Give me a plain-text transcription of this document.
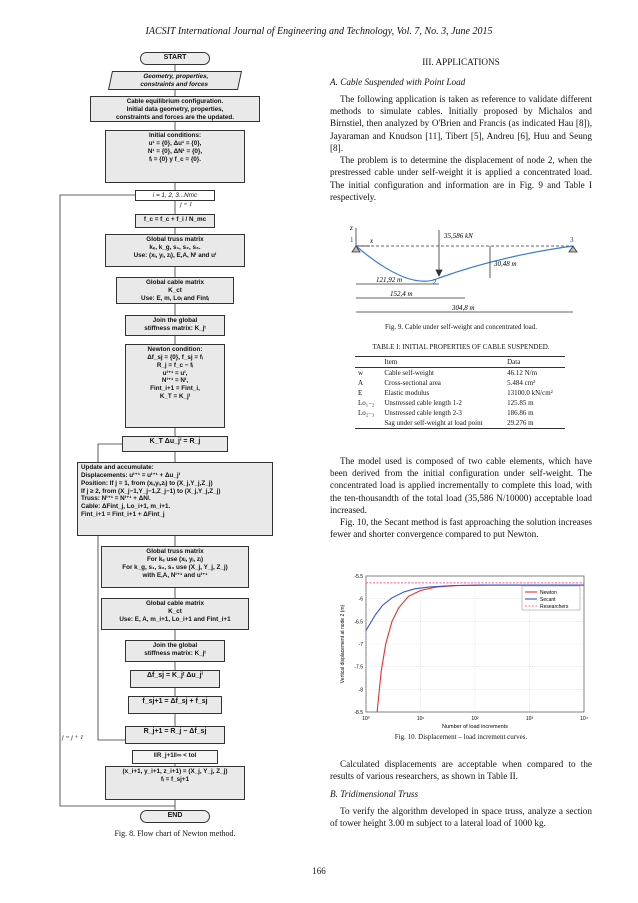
IACSIT International Journal of Engineering and Technology, Vol. 7, No. 3, June 2015
START
Geometry, properties,
constraints and forces
Cable equilibrium configuration.
Initial data geometry, properties,
constraints and forces are the updated.
Initial conditions:
u¹ = {0}, Δu¹ = {0},
N¹ = {0}, ΔN¹ = {0},
fᵢ = {0} y f_c = {0}.
i = 1, 2, 3...Nmc
j = 1
f_c = f_c + f_i / N_mc
Global truss matrix
kₑ, k_g, s₁, s₂, s₃.
Use: (xᵢ, yᵢ, zᵢ), E,A, Nⁱ and uⁱ
Global cable matrix
K_ct
Use: E, m, Loᵢ and Fintᵢ
Join the global
stiffness matrix: K_jᵗ
Newton condition:
Δf_sj = {0}, f_sj = fᵢ
R_j = f_c − fᵢ
uⁱ⁺¹ = uⁱ,
Nⁱ⁺¹ = Nⁱ,
Fint_i+1 = Fint_i,
K_T = K_jᵗ
K_T Δu_jⁱ = R_j
Update and accumulate:
Displacements: uⁱ⁺¹ = uⁱ⁺¹ + Δu_jⁱ
Position: If j = 1, from (xᵢ,yᵢ,zᵢ) to (X_j,Y_j,Z_j)
If j ≥ 2, from (X_j−1,Y_j−1,Z_j−1) to (X_j,Y_j,Z_j)
Truss: Nⁱ⁺¹ = Nⁱ⁺¹ + ΔNʲ.
Cable: ΔFint_j, Lo_i+1, m_i+1.
Fint_i+1 = Fint_i+1 + ΔFint_j
Global truss matrix
For kₑ use (xᵢ, yᵢ, zᵢ)
For k_g, s₁, s₂, s₃ use (X_j, Y_j, Z_j)
with E,A, Nⁱ⁺¹ and uⁱ⁺¹
Global cable matrix
K_ct
Use: E, A, m_i+1, Lo_i+1 and Fint_i+1
Join the global
stiffness matrix: K_jᵗ
Δf_sj = K_jᵗ Δu_jⁱ
f_sj+1 = Δf_sj + f_sj
R_j+1 = R_j − Δf_sj
‖R_j+1‖∞ < tol
j = j + 1
(x_i+1, y_i+1, z_i+1) = (X_j, Y_j, Z_j)
fᵢ = f_sj+1
END
Fig. 8. Flow chart of Newton method.
III. APPLICATIONS
A. Cable Suspended with Point Load

The following application is taken as reference to validate different methods to simulate cables. Initially proposed by Michalos and Birnstiel, then analyzed by O'Brien and Francis (as indicated Hau [8]), Jayaraman and Knudson [11], Tibert [5], Andreu [6], Huu and Seung [8].

The problem is to determine the displacement of node 2, when the prestressed cable under self-weight it is applied a concentrated load. The initial configuration and information are in Fig. 9 and Table I respectively.

z
x
1
2
3
35,586 kN
30,48 m
121,92 m
152,4 m
304,8 m
Fig. 9. Cable under self-weight and concentrated load.
TABLE I: INITIAL PROPERTIES OF CABLE SUSPENDED.
	Item	Data
w	Cable self-weight	46.12 N/m
A	Cross-sectional area	5.484 cm²
E	Elastic modulus	13100.0 kN/cm²
Lo₁₋₂	Unstressed cable length 1-2	125.85 m
Lo₂₋₃	Unstressed cable length 2-3	186.86 m
	Sag under self-weight at load point	29.276 m

The model used is composed of two cable elements, which have been derived from the initial configuration under self-weight. The concentrated load is applied incrementally to complete this load, with the ten-thousandth of the total load (35,586 N/10000) acceptable load increased.

Fig. 10, the Secant method is fast approaching the solution increases fewer and shorter convergence compared to put Newton.

-5.5
-6
-6.5
-7
-7.5
-8
-8.5
10⁰	10¹	10²	10³	10⁴
Newton
Secant
Researchers
Number of load increments
Vertical displacement at node 2 (m)
Fig. 10. Displacement – load increment curves.

Calculated displacements are acceptable when compared to the results of various researchers, as shown in Table II.

B. Tridimensional Truss

To verify the algorithm developed in space truss, analyze a section of tower height 3.00 m subject to a lateral load of 1000 kg.

166
